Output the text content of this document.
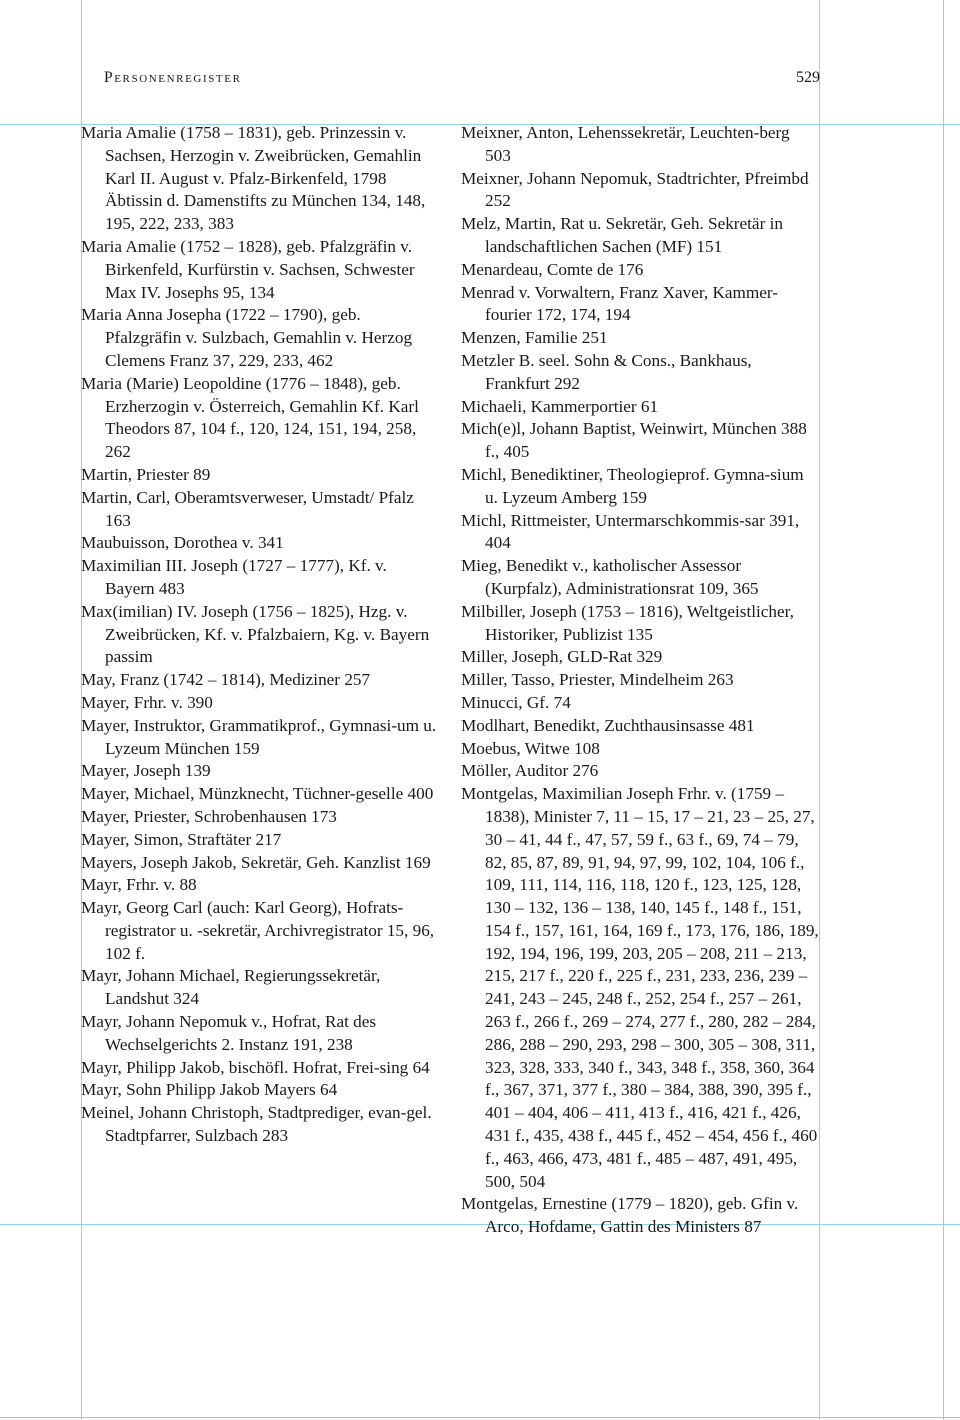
Personenregister	529

Maria Amalie (1758 – 1831), geb. Prinzessin v. Sachsen, Herzogin v. Zweibrücken, Gemahlin Karl II. August v. Pfalz-Birkenfeld, 1798 Äbtissin d. Damenstifts zu München 134, 148, 195, 222, 233, 383

Maria Amalie (1752 – 1828), geb. Pfalzgräfin v. Birkenfeld, Kurfürstin v. Sachsen, Schwester Max IV. Josephs 95, 134

Maria Anna Josepha (1722 – 1790), geb. Pfalzgräfin v. Sulzbach, Gemahlin v. Herzog Clemens Franz 37, 229, 233, 462

Maria (Marie) Leopoldine (1776 – 1848), geb. Erzherzogin v. Österreich, Gemahlin Kf. Karl Theodors 87, 104 f., 120, 124, 151, 194, 258, 262

Martin, Priester 89

Martin, Carl, Oberamtsverweser, Umstadt/ Pfalz 163

Maubuisson, Dorothea v. 341

Maximilian III. Joseph (1727 – 1777), Kf. v. Bayern 483

Max(imilian) IV. Joseph (1756 – 1825), Hzg. v. Zweibrücken, Kf. v. Pfalzbaiern, Kg. v. Bayern passim

May, Franz (1742 – 1814), Mediziner 257

Mayer, Frhr. v. 390

Mayer, Instruktor, Grammatikprof., Gymnasi-um u. Lyzeum München 159

Mayer, Joseph 139

Mayer, Michael, Münzknecht, Tüchner-geselle 400

Mayer, Priester, Schrobenhausen 173

Mayer, Simon, Straftäter 217

Mayers, Joseph Jakob, Sekretär, Geh. Kanzlist 169

Mayr, Frhr. v. 88

Mayr, Georg Carl (auch: Karl Georg), Hofrats-registrator u. -sekretär, Archivregistrator 15, 96, 102 f.

Mayr, Johann Michael, Regierungssekretär, Landshut 324

Mayr, Johann Nepomuk v., Hofrat, Rat des Wechselgerichts 2. Instanz 191, 238

Mayr, Philipp Jakob, bischöfl. Hofrat, Frei-sing 64

Mayr, Sohn Philipp Jakob Mayers 64

Meinel, Johann Christoph, Stadtprediger, evan-gel. Stadtpfarrer, Sulzbach 283

Meixner, Anton, Lehenssekretär, Leuchten-berg 503

Meixner, Johann Nepomuk, Stadtrichter, Pfreimbd 252

Melz, Martin, Rat u. Sekretär, Geh. Sekretär in landschaftlichen Sachen (MF) 151

Menardeau, Comte de 176

Menrad v. Vorwaltern, Franz Xaver, Kammer-fourier 172, 174, 194

Menzen, Familie 251

Metzler B. seel. Sohn & Cons., Bankhaus, Frankfurt 292

Michaeli, Kammerportier 61

Mich(e)l, Johann Baptist, Weinwirt, München 388 f., 405

Michl, Benediktiner, Theologieprof. Gymna-sium u. Lyzeum Amberg 159

Michl, Rittmeister, Untermarschkommis-sar 391, 404

Mieg, Benedikt v., katholischer Assessor (Kurpfalz), Administrationsrat 109, 365

Milbiller, Joseph (1753 – 1816), Weltgeistlicher, Historiker, Publizist 135

Miller, Joseph, GLD-Rat 329

Miller, Tasso, Priester, Mindelheim 263

Minucci, Gf. 74

Modlhart, Benedikt, Zuchthausinsasse 481

Moebus, Witwe 108

Möller, Auditor 276

Montgelas, Maximilian Joseph Frhr. v. (1759 – 1838), Minister 7, 11 – 15, 17 – 21, 23 – 25, 27, 30 – 41, 44 f., 47, 57, 59 f., 63 f., 69, 74 – 79, 82, 85, 87, 89, 91, 94, 97, 99, 102, 104, 106 f., 109, 111, 114, 116, 118, 120 f., 123, 125, 128, 130 – 132, 136 – 138, 140, 145 f., 148 f., 151, 154 f., 157, 161, 164, 169 f., 173, 176, 186, 189, 192, 194, 196, 199, 203, 205 – 208, 211 – 213, 215, 217 f., 220 f., 225 f., 231, 233, 236, 239 – 241, 243 – 245, 248 f., 252, 254 f., 257 – 261, 263 f., 266 f., 269 – 274, 277 f., 280, 282 – 284, 286, 288 – 290, 293, 298 – 300, 305 – 308, 311, 323, 328, 333, 340 f., 343, 348 f., 358, 360, 364 f., 367, 371, 377 f., 380 – 384, 388, 390, 395 f., 401 – 404, 406 – 411, 413 f., 416, 421 f., 426, 431 f., 435, 438 f., 445 f., 452 – 454, 456 f., 460 f., 463, 466, 473, 481 f., 485 – 487, 491, 495, 500, 504

Montgelas, Ernestine (1779 – 1820), geb. Gfin v. Arco, Hofdame, Gattin des Ministers 87
